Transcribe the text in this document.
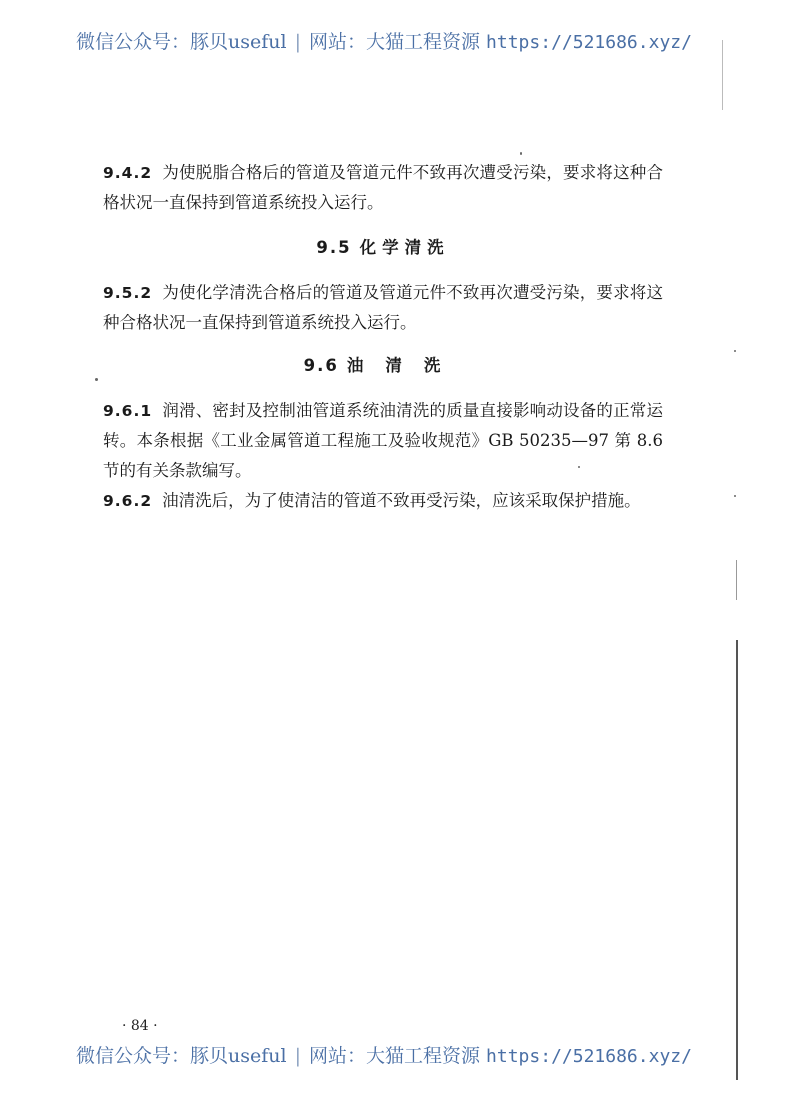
微信公众号：豚贝useful | 网站：大猫工程资源 https://521686.xyz/

9.4.2 为使脱脂合格后的管道及管道元件不致再次遭受污染，要求将这种合格状况一直保持到管道系统投入运行。

9.5 化学清洗

9.5.2 为使化学清洗合格后的管道及管道元件不致再次遭受污染，要求将这种合格状况一直保持到管道系统投入运行。

9.6 油清洗

9.6.1 润滑、密封及控制油管道系统油清洗的质量直接影响动设备的正常运转。本条根据《工业金属管道工程施工及验收规范》GB 50235—97 第 8.6 节的有关条款编写。

9.6.2 油清洗后，为了使清洁的管道不致再受污染，应该采取保护措施。

· 84 ·
微信公众号：豚贝useful | 网站：大猫工程资源 https://521686.xyz/
